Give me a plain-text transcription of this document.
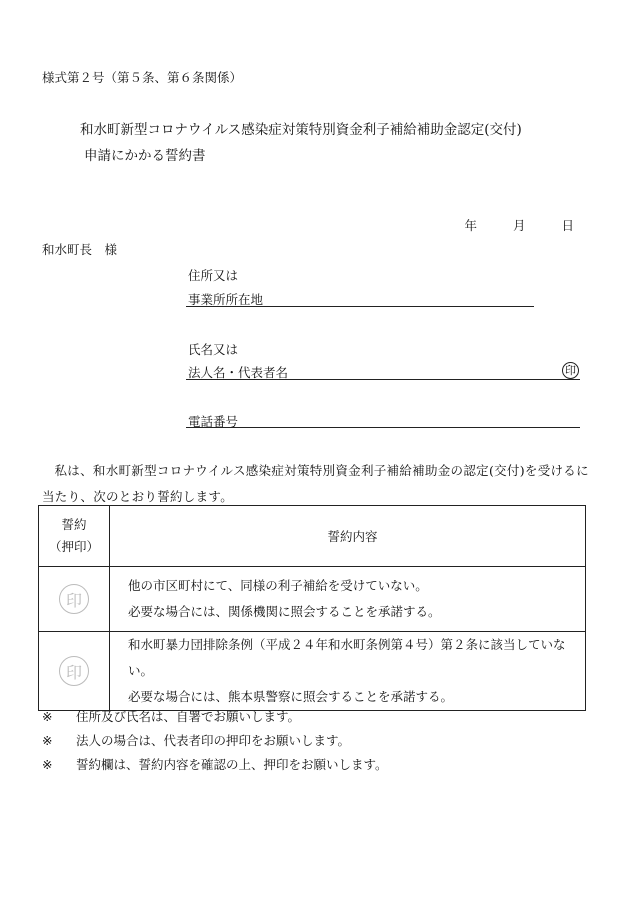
様式第２号（第５条、第６条関係）
和水町新型コロナウイルス感染症対策特別資金利子補給補助金認定(交付)
申請にかかる誓約書
年	月	日
和水町長　様
住所又は
事業所所在地
氏名又は
法人名・代表者名	印
電話番号
私は、和水町新型コロナウイルス感染症対策特別資金利子補給補助金の認定(交付)を受けるに当たり、次のとおり誓約します。
誓約
（押印）	誓約内容

印	他の市区町村にて、同様の利子補給を受けていない。
必要な場合には、関係機関に照会することを承諾する。

印	和水町暴力団排除条例（平成２４年和水町条例第４号）第２条に該当していない。
必要な場合には、熊本県警察に照会することを承諾する。
※ 住所及び氏名は、自署でお願いします。
※ 法人の場合は、代表者印の押印をお願いします。
※ 誓約欄は、誓約内容を確認の上、押印をお願いします。
